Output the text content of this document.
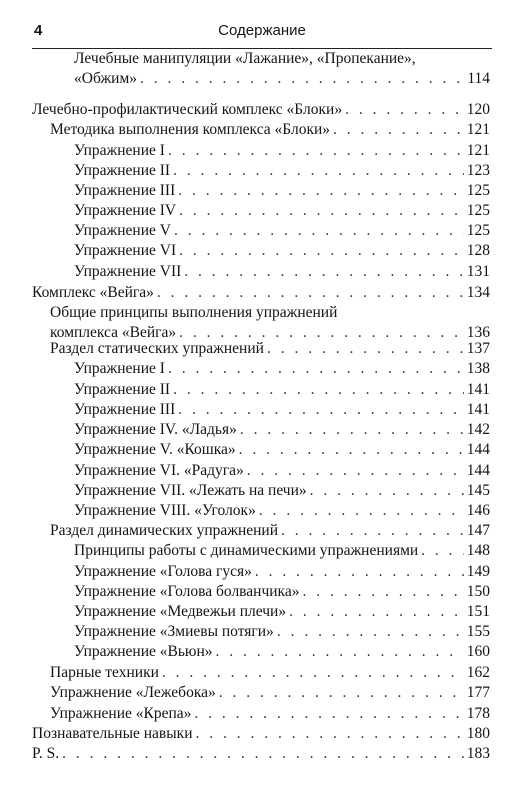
4	Содержание
Лечебные манипуляции «Лажание», «Пропекание»,
«Обжим» . . .	114
Лечебно-профилактический комплекс «Блоки» . . .	120
Методика выполнения комплекса «Блоки» . . .	121
Упражнение I . . .	121
Упражнение II . . .	123
Упражнение III . . .	125
Упражнение IV . . .	125
Упражнение V . . .	125
Упражнение VI . . .	128
Упражнение VII . . .	131
Комплекс «Вейга» . . .	134
Общие принципы выполнения упражнений
комплекса «Вейга» . . .	136
Раздел статических упражнений . . .	137
Упражнение I . . .	138
Упражнение II . . .	141
Упражнение III . . .	141
Упражнение IV. «Ладья» . . .	142
Упражнение V. «Кошка» . . .	144
Упражнение VI. «Радуга» . . .	144
Упражнение VII. «Лежать на печи» . . .	145
Упражнение VIII. «Уголок» . . .	146
Раздел динамических упражнений . . .	147
Принципы работы с динамическими упражнениями . . .	148
Упражнение «Голова гуся» . . .	149
Упражнение «Голова болванчика» . . .	150
Упражнение «Медвежьи плечи» . . .	151
Упражнение «Змиевы потяги» . . .	155
Упражнение «Вьюн» . . .	160
Парные техники . . .	162
Упражнение «Лежебока» . . .	177
Упражнение «Крепа» . . .	178
Познавательные навыки . . .	180
P. S. . . .	183
